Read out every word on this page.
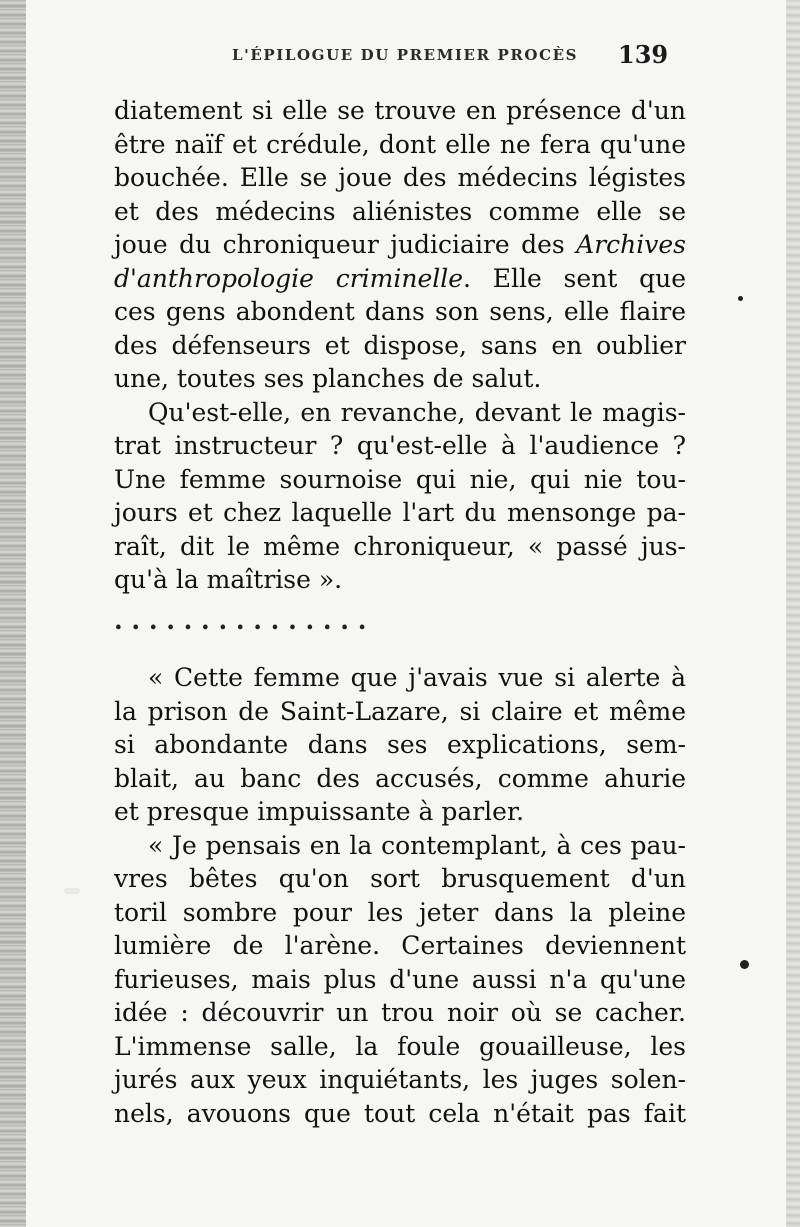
L'ÉPILOGUE DU PREMIER PROCÈS	139
diatement si elle se trouve en présence d'un
être naïf et crédule, dont elle ne fera qu'une
bouchée. Elle se joue des médecins légistes
et des médecins aliénistes comme elle se
joue du chroniqueur judiciaire des Archives
d'anthropologie criminelle. Elle sent que
ces gens abondent dans son sens, elle flaire
des défenseurs et dispose, sans en oublier
une, toutes ses planches de salut.
Qu'est-elle, en revanche, devant le magis-
trat instructeur ? qu'est-elle à l'audience ?
Une femme sournoise qui nie, qui nie tou-
jours et chez laquelle l'art du mensonge pa-
raît, dit le même chroniqueur, « passé jus-
qu'à la maîtrise ».
. . . . . . . . . . . . . . .
« Cette femme que j'avais vue si alerte à
la prison de Saint-Lazare, si claire et même
si abondante dans ses explications, sem-
blait, au banc des accusés, comme ahurie
et presque impuissante à parler.
« Je pensais en la contemplant, à ces pau-
vres bêtes qu'on sort brusquement d'un
toril sombre pour les jeter dans la pleine
lumière de l'arène. Certaines deviennent
furieuses, mais plus d'une aussi n'a qu'une
idée : découvrir un trou noir où se cacher.
L'immense salle, la foule gouailleuse, les
jurés aux yeux inquiétants, les juges solen-
nels, avouons que tout cela n'était pas fait
